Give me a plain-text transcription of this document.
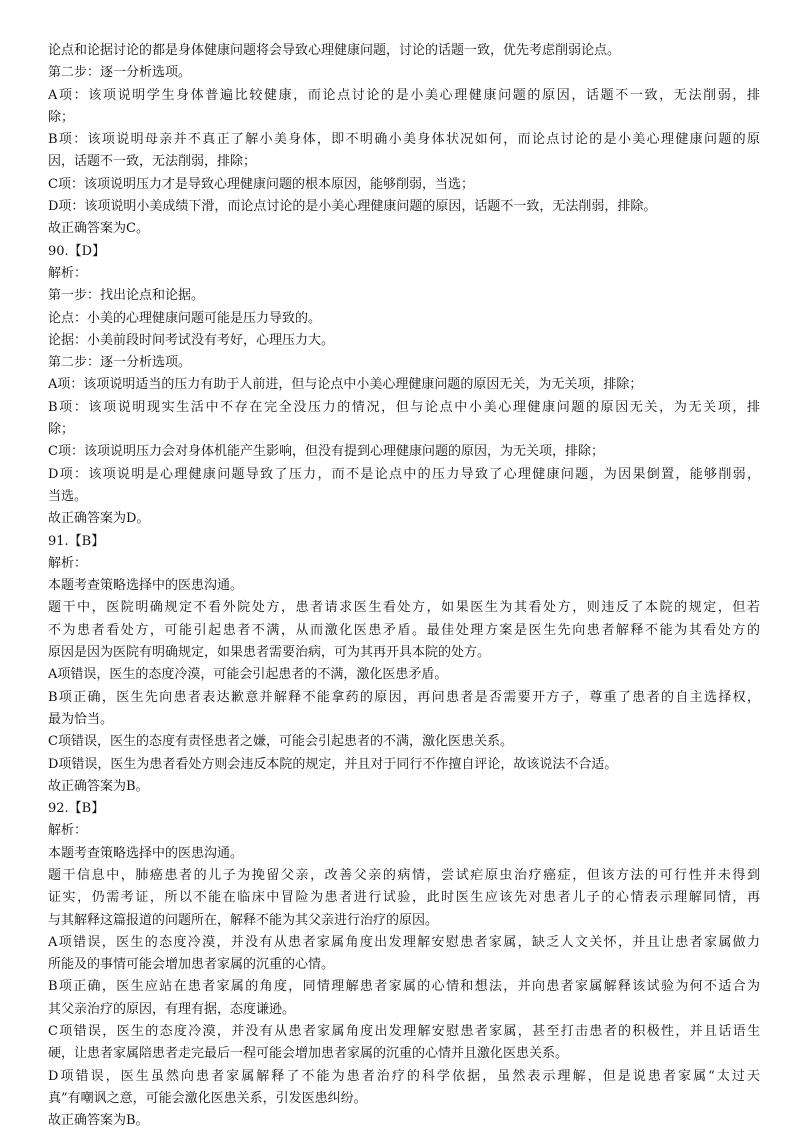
论点和论据讨论的都是身体健康问题将会导致心理健康问题，讨论的话题一致，优先考虑削弱论点。

第二步：逐一分析选项。

A项：该项说明学生身体普遍比较健康，而论点讨论的是小美心理健康问题的原因，话题不一致，无法削弱，排

除；

B项：该项说明母亲并不真正了解小美身体，即不明确小美身体状况如何，而论点讨论的是小美心理健康问题的原

因，话题不一致，无法削弱，排除；

C项：该项说明压力才是导致心理健康问题的根本原因，能够削弱，当选；

D项：该项说明小美成绩下滑，而论点讨论的是小美心理健康问题的原因，话题不一致，无法削弱，排除。

故正确答案为C。

90.【D】

解析：

第一步：找出论点和论据。

论点：小美的心理健康问题可能是压力导致的。

论据：小美前段时间考试没有考好，心理压力大。

第二步：逐一分析选项。

A项：该项说明适当的压力有助于人前进，但与论点中小美心理健康问题的原因无关，为无关项，排除；

B项：该项说明现实生活中不存在完全没压力的情况，但与论点中小美心理健康问题的原因无关，为无关项，排

除；

C项：该项说明压力会对身体机能产生影响，但没有提到心理健康问题的原因，为无关项，排除；

D项：该项说明是心理健康问题导致了压力，而不是论点中的压力导致了心理健康问题，为因果倒置，能够削弱，

当选。

故正确答案为D。

91.【B】

解析：

本题考查策略选择中的医患沟通。

题干中，医院明确规定不看外院处方，患者请求医生看处方，如果医生为其看处方，则违反了本院的规定，但若

不为患者看处方，可能引起患者不满，从而激化医患矛盾。最佳处理方案是医生先向患者解释不能为其看处方的

原因是因为医院有明确规定，如果患者需要治病，可为其再开具本院的处方。

A项错误，医生的态度冷漠，可能会引起患者的不满，激化医患矛盾。

B项正确，医生先向患者表达歉意并解释不能拿药的原因，再问患者是否需要开方子，尊重了患者的自主选择权，

最为恰当。

C项错误，医生的态度有责怪患者之嫌，可能会引起患者的不满，激化医患关系。

D项错误，医生为患者看处方则会违反本院的规定，并且对于同行不作擅自评论，故该说法不合适。

故正确答案为B。

92.【B】

解析：

本题考查策略选择中的医患沟通。

题干信息中，肺癌患者的儿子为挽留父亲，改善父亲的病情，尝试疟原虫治疗癌症，但该方法的可行性并未得到

证实，仍需考证，所以不能在临床中冒险为患者进行试验，此时医生应该先对患者儿子的心情表示理解同情，再

与其解释这篇报道的问题所在，解释不能为其父亲进行治疗的原因。

A项错误，医生的态度冷漠，并没有从患者家属角度出发理解安慰患者家属，缺乏人文关怀，并且让患者家属做力

所能及的事情可能会增加患者家属的沉重的心情。

B项正确，医生应站在患者家属的角度，同情理解患者家属的心情和想法，并向患者家属解释该试验为何不适合为

其父亲治疗的原因，有理有据，态度谦逊。

C项错误，医生的态度冷漠，并没有从患者家属角度出发理解安慰患者家属，甚至打击患者的积极性，并且话语生

硬，让患者家属陪患者走完最后一程可能会增加患者家属的沉重的心情并且激化医患关系。

D项错误，医生虽然向患者家属解释了不能为患者治疗的科学依据，虽然表示理解，但是说患者家属“太过天

真”有嘲讽之意，可能会激化医患关系，引发医患纠纷。

故正确答案为B。
